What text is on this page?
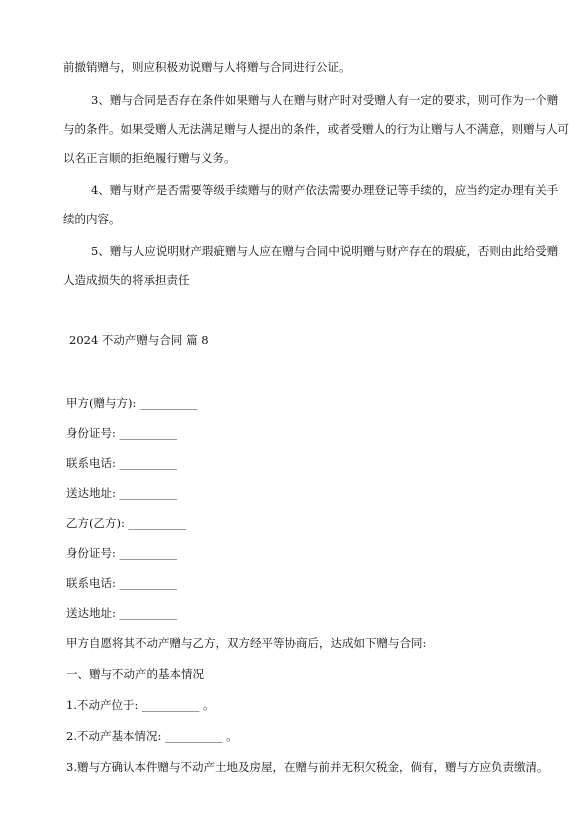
前撤销赠与，则应积极劝说赠与人将赠与合同进行公证。
3、赠与合同是否存在条件如果赠与人在赠与财产时对受赠人有一定的要求，则可作为一个赠
与的条件。如果受赠人无法满足赠与人提出的条件，或者受赠人的行为让赠与人不满意，则赠与人可
以名正言顺的拒绝履行赠与义务。
4、赠与财产是否需要等级手续赠与的财产依法需要办理登记等手续的，应当约定办理有关手
续的内容。
5、赠与人应说明财产瑕疵赠与人应在赠与合同中说明赠与财产存在的瑕疵，否则由此给受赠
人造成损失的将承担责任
2024 不动产赠与合同 篇 8
甲方(赠与方): __________
身份证号: __________
联系电话: __________
送达地址: __________
乙方(乙方): __________
身份证号: __________
联系电话: __________
送达地址: __________
甲方自愿将其不动产赠与乙方，双方经平等协商后，达成如下赠与合同:
一、赠与不动产的基本情况
1.不动产位于: __________ 。
2.不动产基本情况: __________ 。
3.赠与方确认本件赠与不动产土地及房屋，在赠与前并无积欠税金，倘有，赠与方应负责缴清。
